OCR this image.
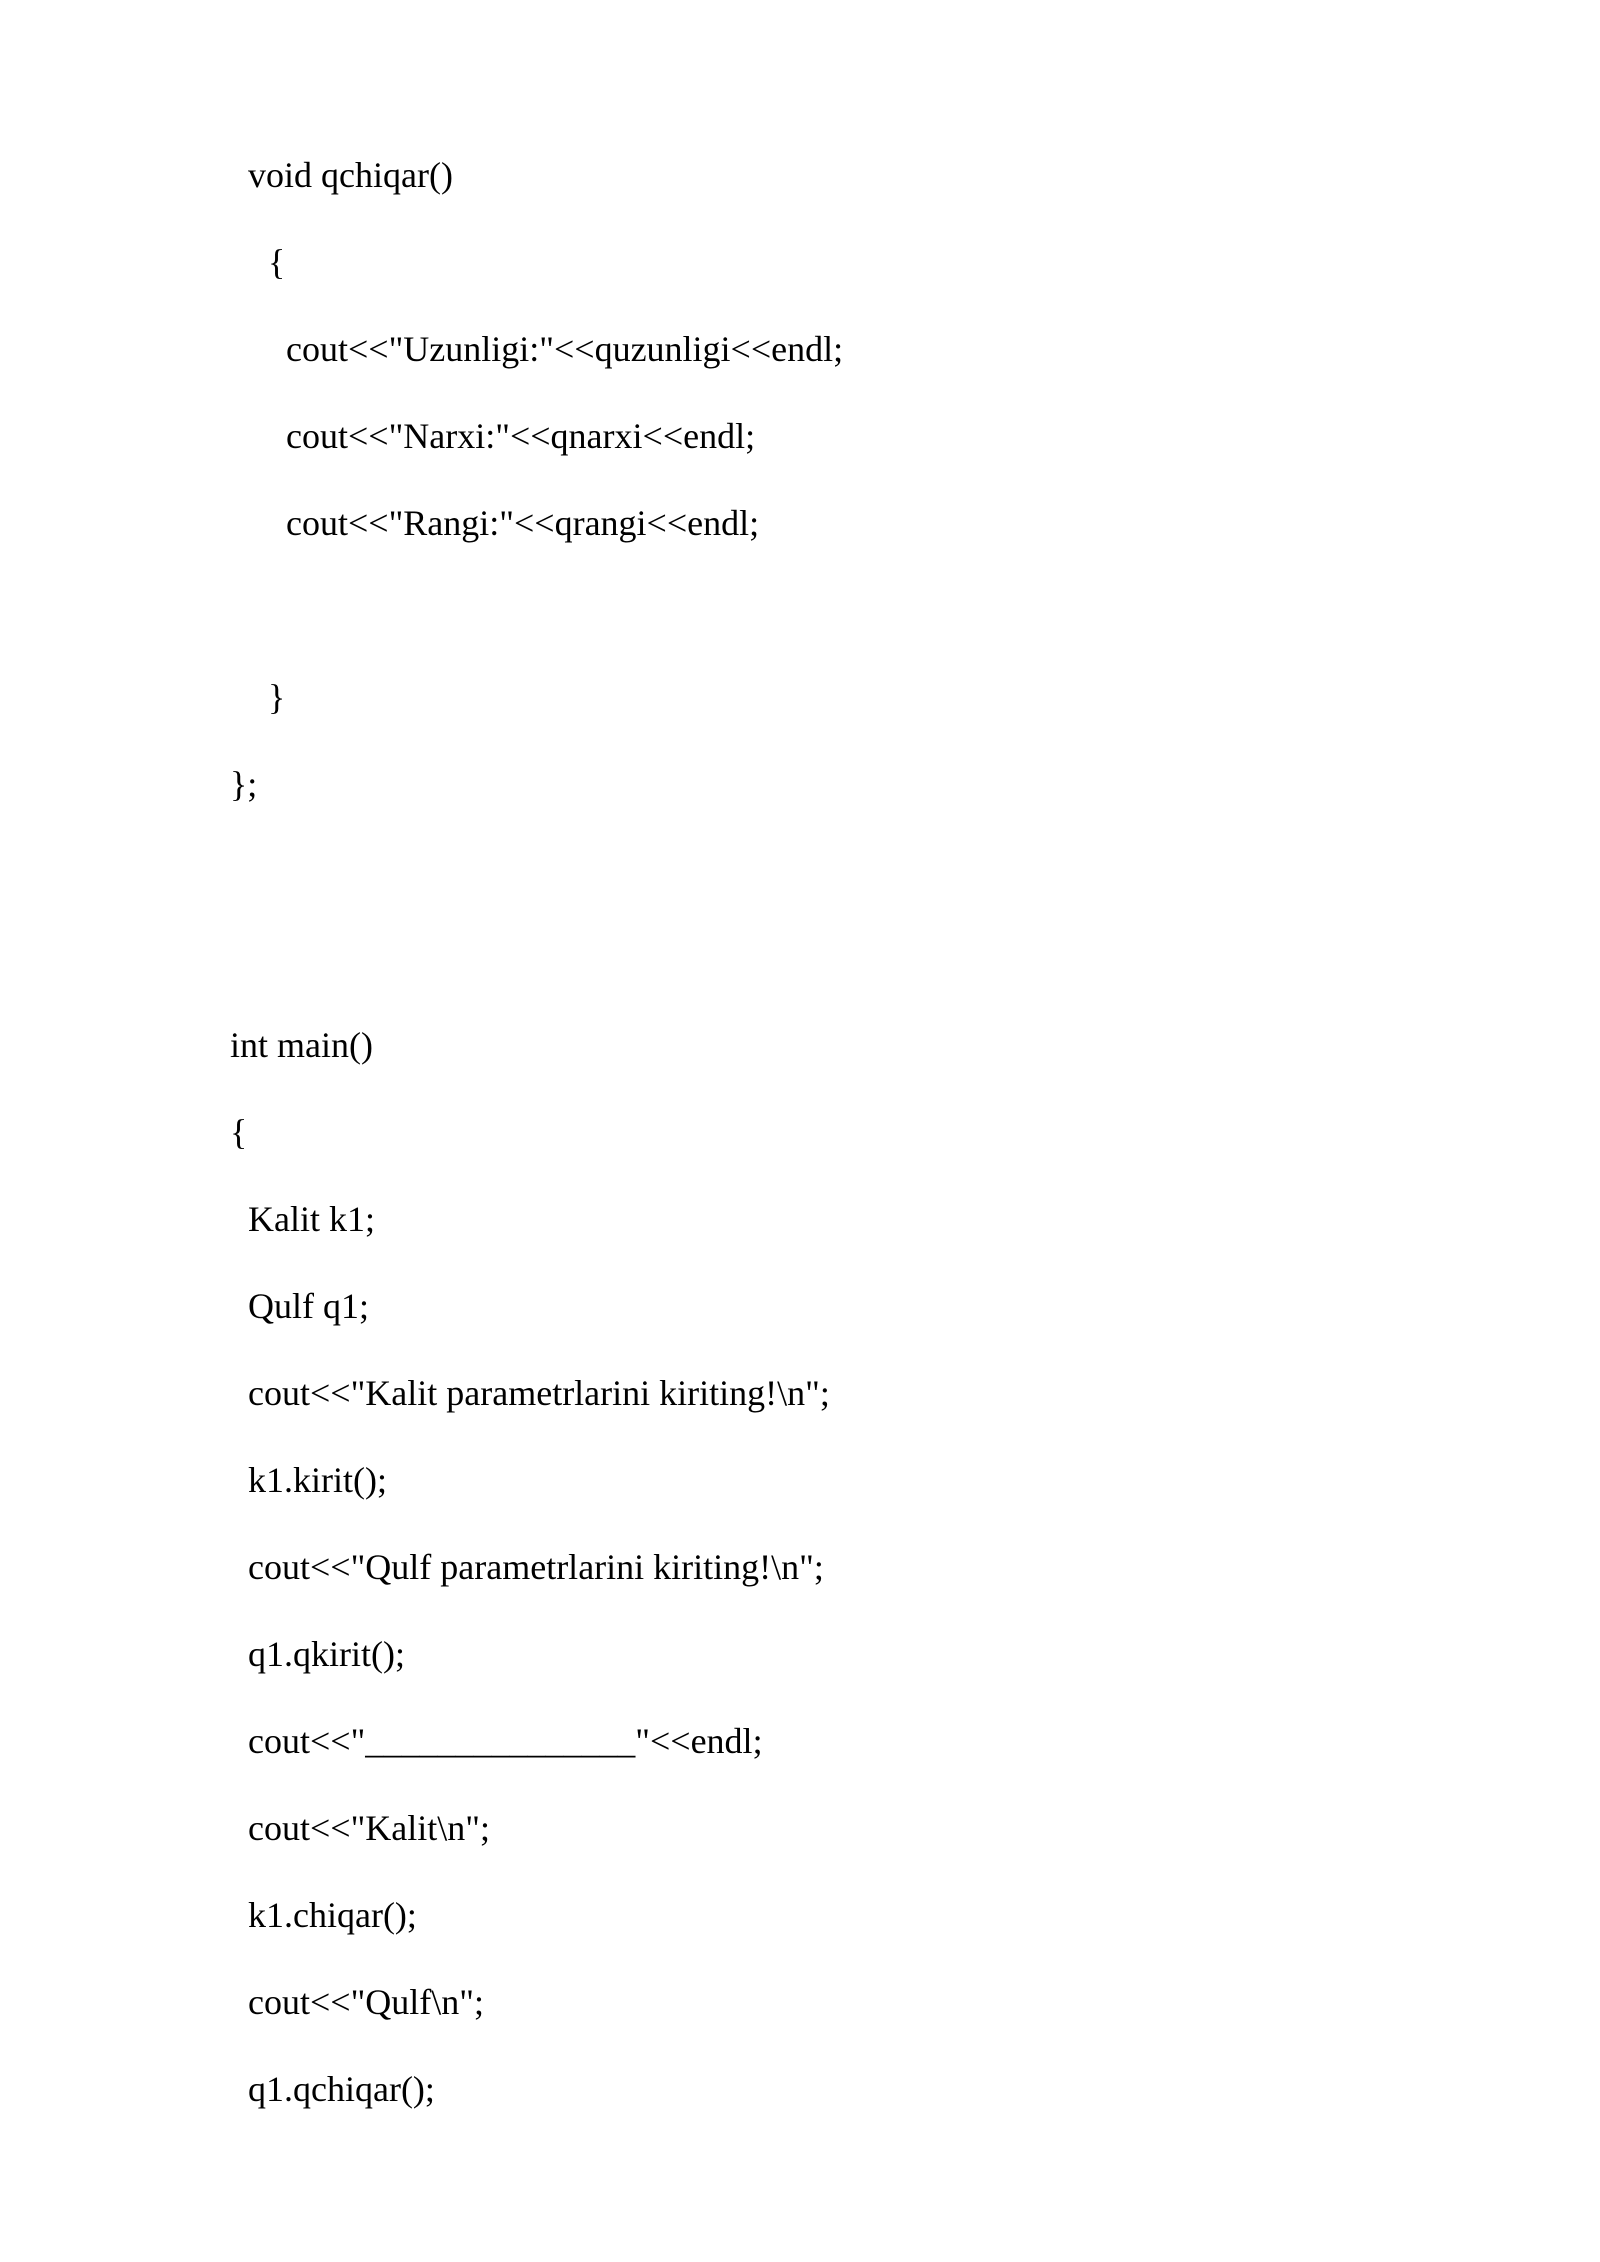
void qchiqar()

{

cout<<"Uzunligi:"<<quzunligi<<endl;

cout<<"Narxi:"<<qnarxi<<endl;

cout<<"Rangi:"<<qrangi<<endl;

}

};

int main()

{

Kalit k1;

Qulf q1;

cout<<"Kalit parametrlarini kiriting!\n";

k1.kirit();

cout<<"Qulf parametrlarini kiriting!\n";

q1.qkirit();

cout<<"_______________"<<endl;

cout<<"Kalit\n";

k1.chiqar();

cout<<"Qulf\n";

q1.qchiqar();
